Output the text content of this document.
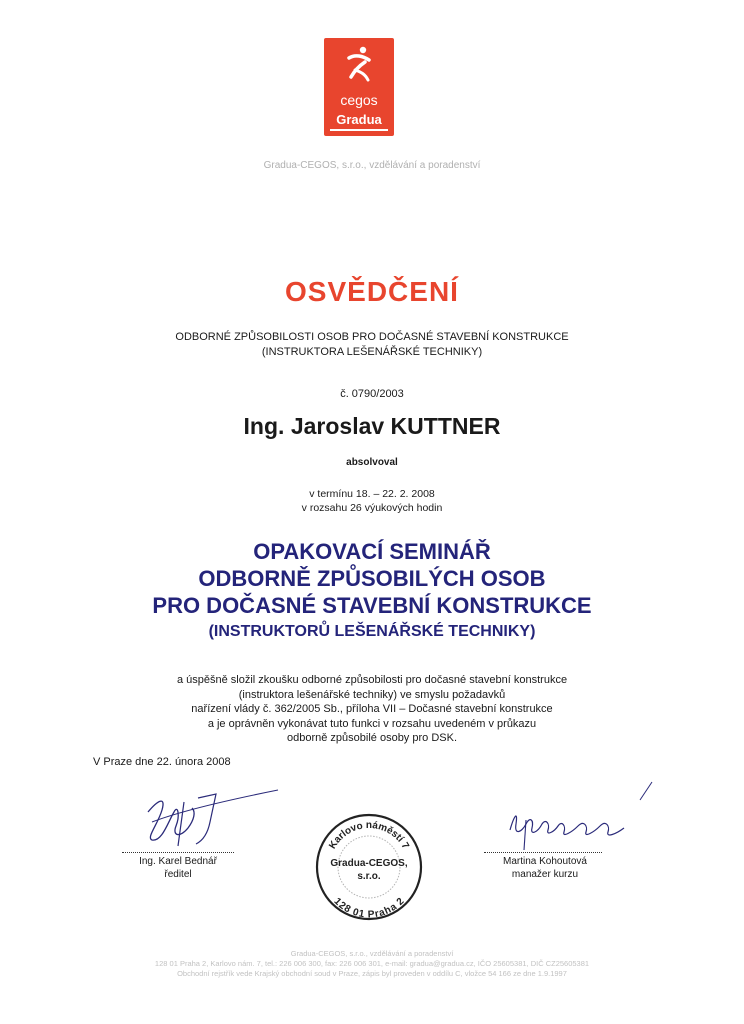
cegos
Gradua
Gradua-CEGOS, s.r.o., vzdělávání a poradenství
OSVĚDČENÍ
ODBORNÉ ZPŮSOBILOSTI OSOB PRO DOČASNÉ STAVEBNÍ KONSTRUKCE
(INSTRUKTORA LEŠENÁŘSKÉ TECHNIKY)
č. 0790/2003
Ing. Jaroslav KUTTNER
absolvoval
v termínu 18. – 22. 2. 2008
v rozsahu 26 výukových hodin
OPAKOVACÍ SEMINÁŘ
ODBORNĚ ZPŮSOBILÝCH OSOB
PRO DOČASNÉ STAVEBNÍ KONSTRUKCE
(INSTRUKTORŮ LEŠENÁŘSKÉ TECHNIKY)
a úspěšně složil zkoušku odborné způsobilosti pro dočasné stavební konstrukce
(instruktora lešenářské techniky) ve smyslu požadavků
nařízení vlády č. 362/2005 Sb., příloha VII – Dočasné stavební konstrukce
a je oprávněn vykonávat tuto funkci v rozsahu uvedeném v průkazu
odborně způsobilé osoby pro DSK.
V Praze dne 22. února 2008
Ing. Karel Bednář
ředitel
Martina Kohoutová
manažer kurzu
Karlovo náměstí 7
Gradua-CEGOS,
s.r.o.
128 01 Praha 2
Gradua-CEGOS, s.r.o., vzdělávání a poradenství
128 01 Praha 2, Karlovo nám. 7, tel.: 226 006 300, fax: 226 006 301, e-mail: gradua@gradua.cz, IČO 25605381, DIČ CZ25605381
Obchodní rejstřík vede Krajský obchodní soud v Praze, zápis byl proveden v oddílu C, vložce 54 166 ze dne 1.9.1997
